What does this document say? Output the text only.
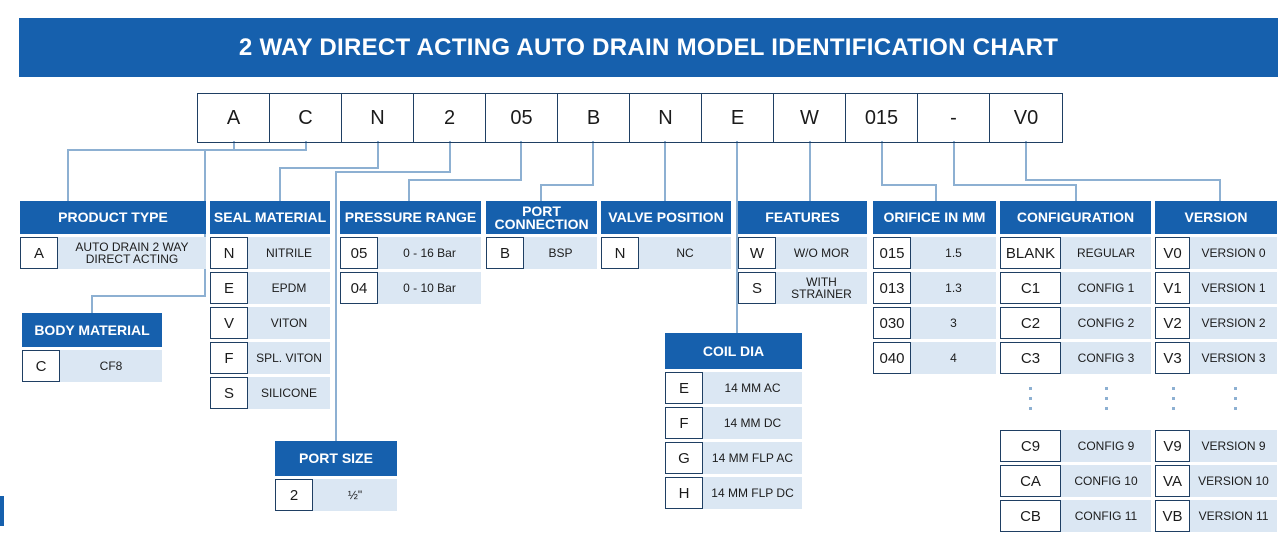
2 WAY DIRECT ACTING AUTO DRAIN MODEL IDENTIFICATION CHART
A	C	N	2	05	B	N	E	W	015	-	V0
PRODUCT TYPE
A	AUTO DRAIN 2 WAY DIRECT ACTING
BODY MATERIAL
C	CF8
SEAL MATERIAL
N	NITRILE
E	EPDM
V	VITON
F	SPL. VITON
S	SILICONE
PORT SIZE
2	½"
PRESSURE RANGE
05	0 - 16 Bar
04	0 - 10 Bar
PORT CONNECTION
B	BSP
VALVE POSITION
N	NC
COIL DIA
E	14 MM AC
F	14 MM DC
G	14 MM FLP AC
H	14 MM FLP DC
FEATURES
W	W/O MOR
S	WITH STRAINER
ORIFICE IN MM
015	1.5
013	1.3
030	3
040	4
CONFIGURATION
BLANK	REGULAR
C1	CONFIG 1
C2	CONFIG 2
C3	CONFIG 3
C9	CONFIG 9
CA	CONFIG 10
CB	CONFIG 11
VERSION
V0	VERSION 0
V1	VERSION 1
V2	VERSION 2
V3	VERSION 3
V9	VERSION 9
VA	VERSION 10
VB	VERSION 11
